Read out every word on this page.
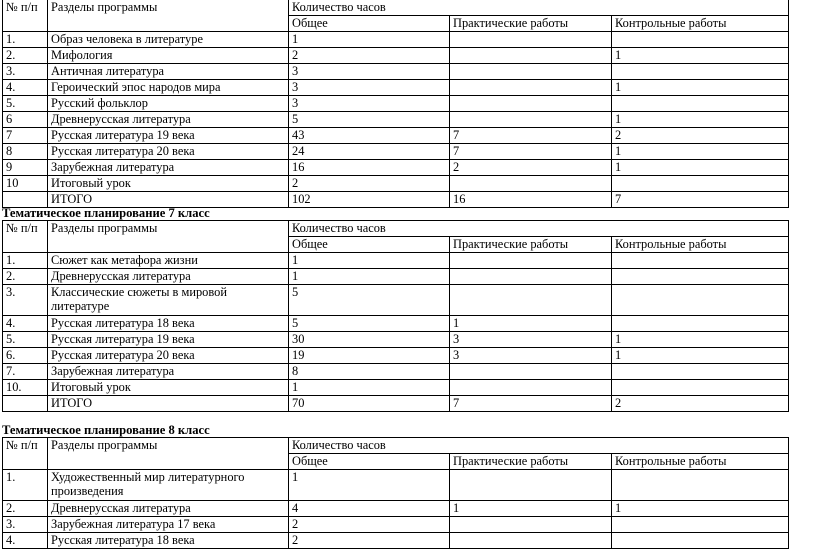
№ п/п	Разделы программы	Количество часов		
		Общее	Практические работы	Контрольные работы
1.	Образ человека в литературе	1		
2.	Мифология	2		1
3.	Античная литература	3		
4.	Героический эпос народов мира	3		1
5.	Русский фольклор	3		
6	Древнерусская литература	5		1
7	Русская литература 19 века	43	7	2
8	Русская литература 20 века	24	7	1
9	Зарубежная литература	16	2	1
10	Итоговый урок	2		
	ИТОГО	102	16	7
Тематическое планирование 7 класс
№ п/п	Разделы программы	Количество часов		
		Общее	Практические работы	Контрольные работы
1.	Сюжет как метафора жизни	1		
2.	Древнерусская литература	1		
3.	Классические сюжеты в мировой литературе	5		
4.	Русская литература 18 века	5	1	
5.	Русская литература 19 века	30	3	1
6.	Русская литература 20 века	19	3	1
7.	Зарубежная литература	8		
10.	Итоговый урок	1		
	ИТОГО	70	7	2
Тематическое планирование 8 класс
№ п/п	Разделы программы	Количество часов		
		Общее	Практические работы	Контрольные работы
1.	Художественный мир литературного произведения	1		
2.	Древнерусская литература	4	1	1
3.	Зарубежная литература 17 века	2		
4.	Русская литература 18 века	2		
